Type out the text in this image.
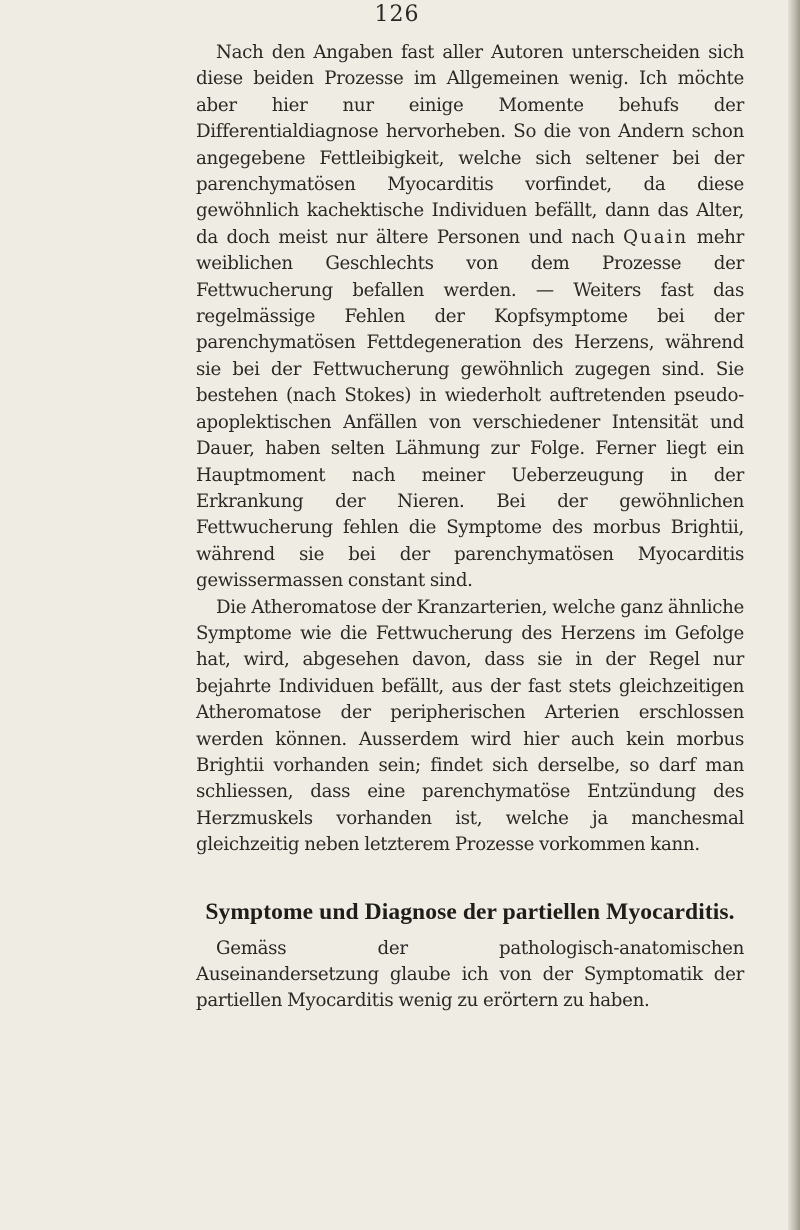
126

Nach den Angaben fast aller Autoren unterscheiden sich diese beiden Prozesse im Allgemeinen wenig. Ich möchte aber hier nur einige Momente behufs der Differentialdiagnose hervorheben. So die von Andern schon angegebene Fettleibigkeit, welche sich seltener bei der parenchymatösen Myocarditis vorfindet, da diese gewöhnlich kachektische Individuen befällt, dann das Alter, da doch meist nur ältere Personen und nach Quain mehr weiblichen Geschlechts von dem Prozesse der Fettwucherung befallen werden. — Weiters fast das regelmässige Fehlen der Kopfsymptome bei der parenchymatösen Fettdegeneration des Herzens, während sie bei der Fettwucherung gewöhnlich zugegen sind. Sie bestehen (nach Stokes) in wiederholt auftretenden pseudo-apoplektischen Anfällen von verschiedener Intensität und Dauer, haben selten Lähmung zur Folge. Ferner liegt ein Hauptmoment nach meiner Ueberzeugung in der Erkrankung der Nieren. Bei der gewöhnlichen Fettwucherung fehlen die Symptome des morbus Brightii, während sie bei der parenchymatösen Myocarditis gewissermassen constant sind.

Die Atheromatose der Kranzarterien, welche ganz ähnliche Symptome wie die Fettwucherung des Herzens im Gefolge hat, wird, abgesehen davon, dass sie in der Regel nur bejahrte Individuen befällt, aus der fast stets gleichzeitigen Atheromatose der peripherischen Arterien erschlossen werden können. Ausserdem wird hier auch kein morbus Brightii vorhanden sein; findet sich derselbe, so darf man schliessen, dass eine parenchymatöse Entzündung des Herzmuskels vorhanden ist, welche ja manchesmal gleichzeitig neben letzterem Prozesse vorkommen kann.

Symptome und Diagnose der partiellen Myocarditis.

Gemäss der pathologisch-anatomischen Auseinandersetzung glaube ich von der Symptomatik der partiellen Myocarditis wenig zu erörtern zu haben.
